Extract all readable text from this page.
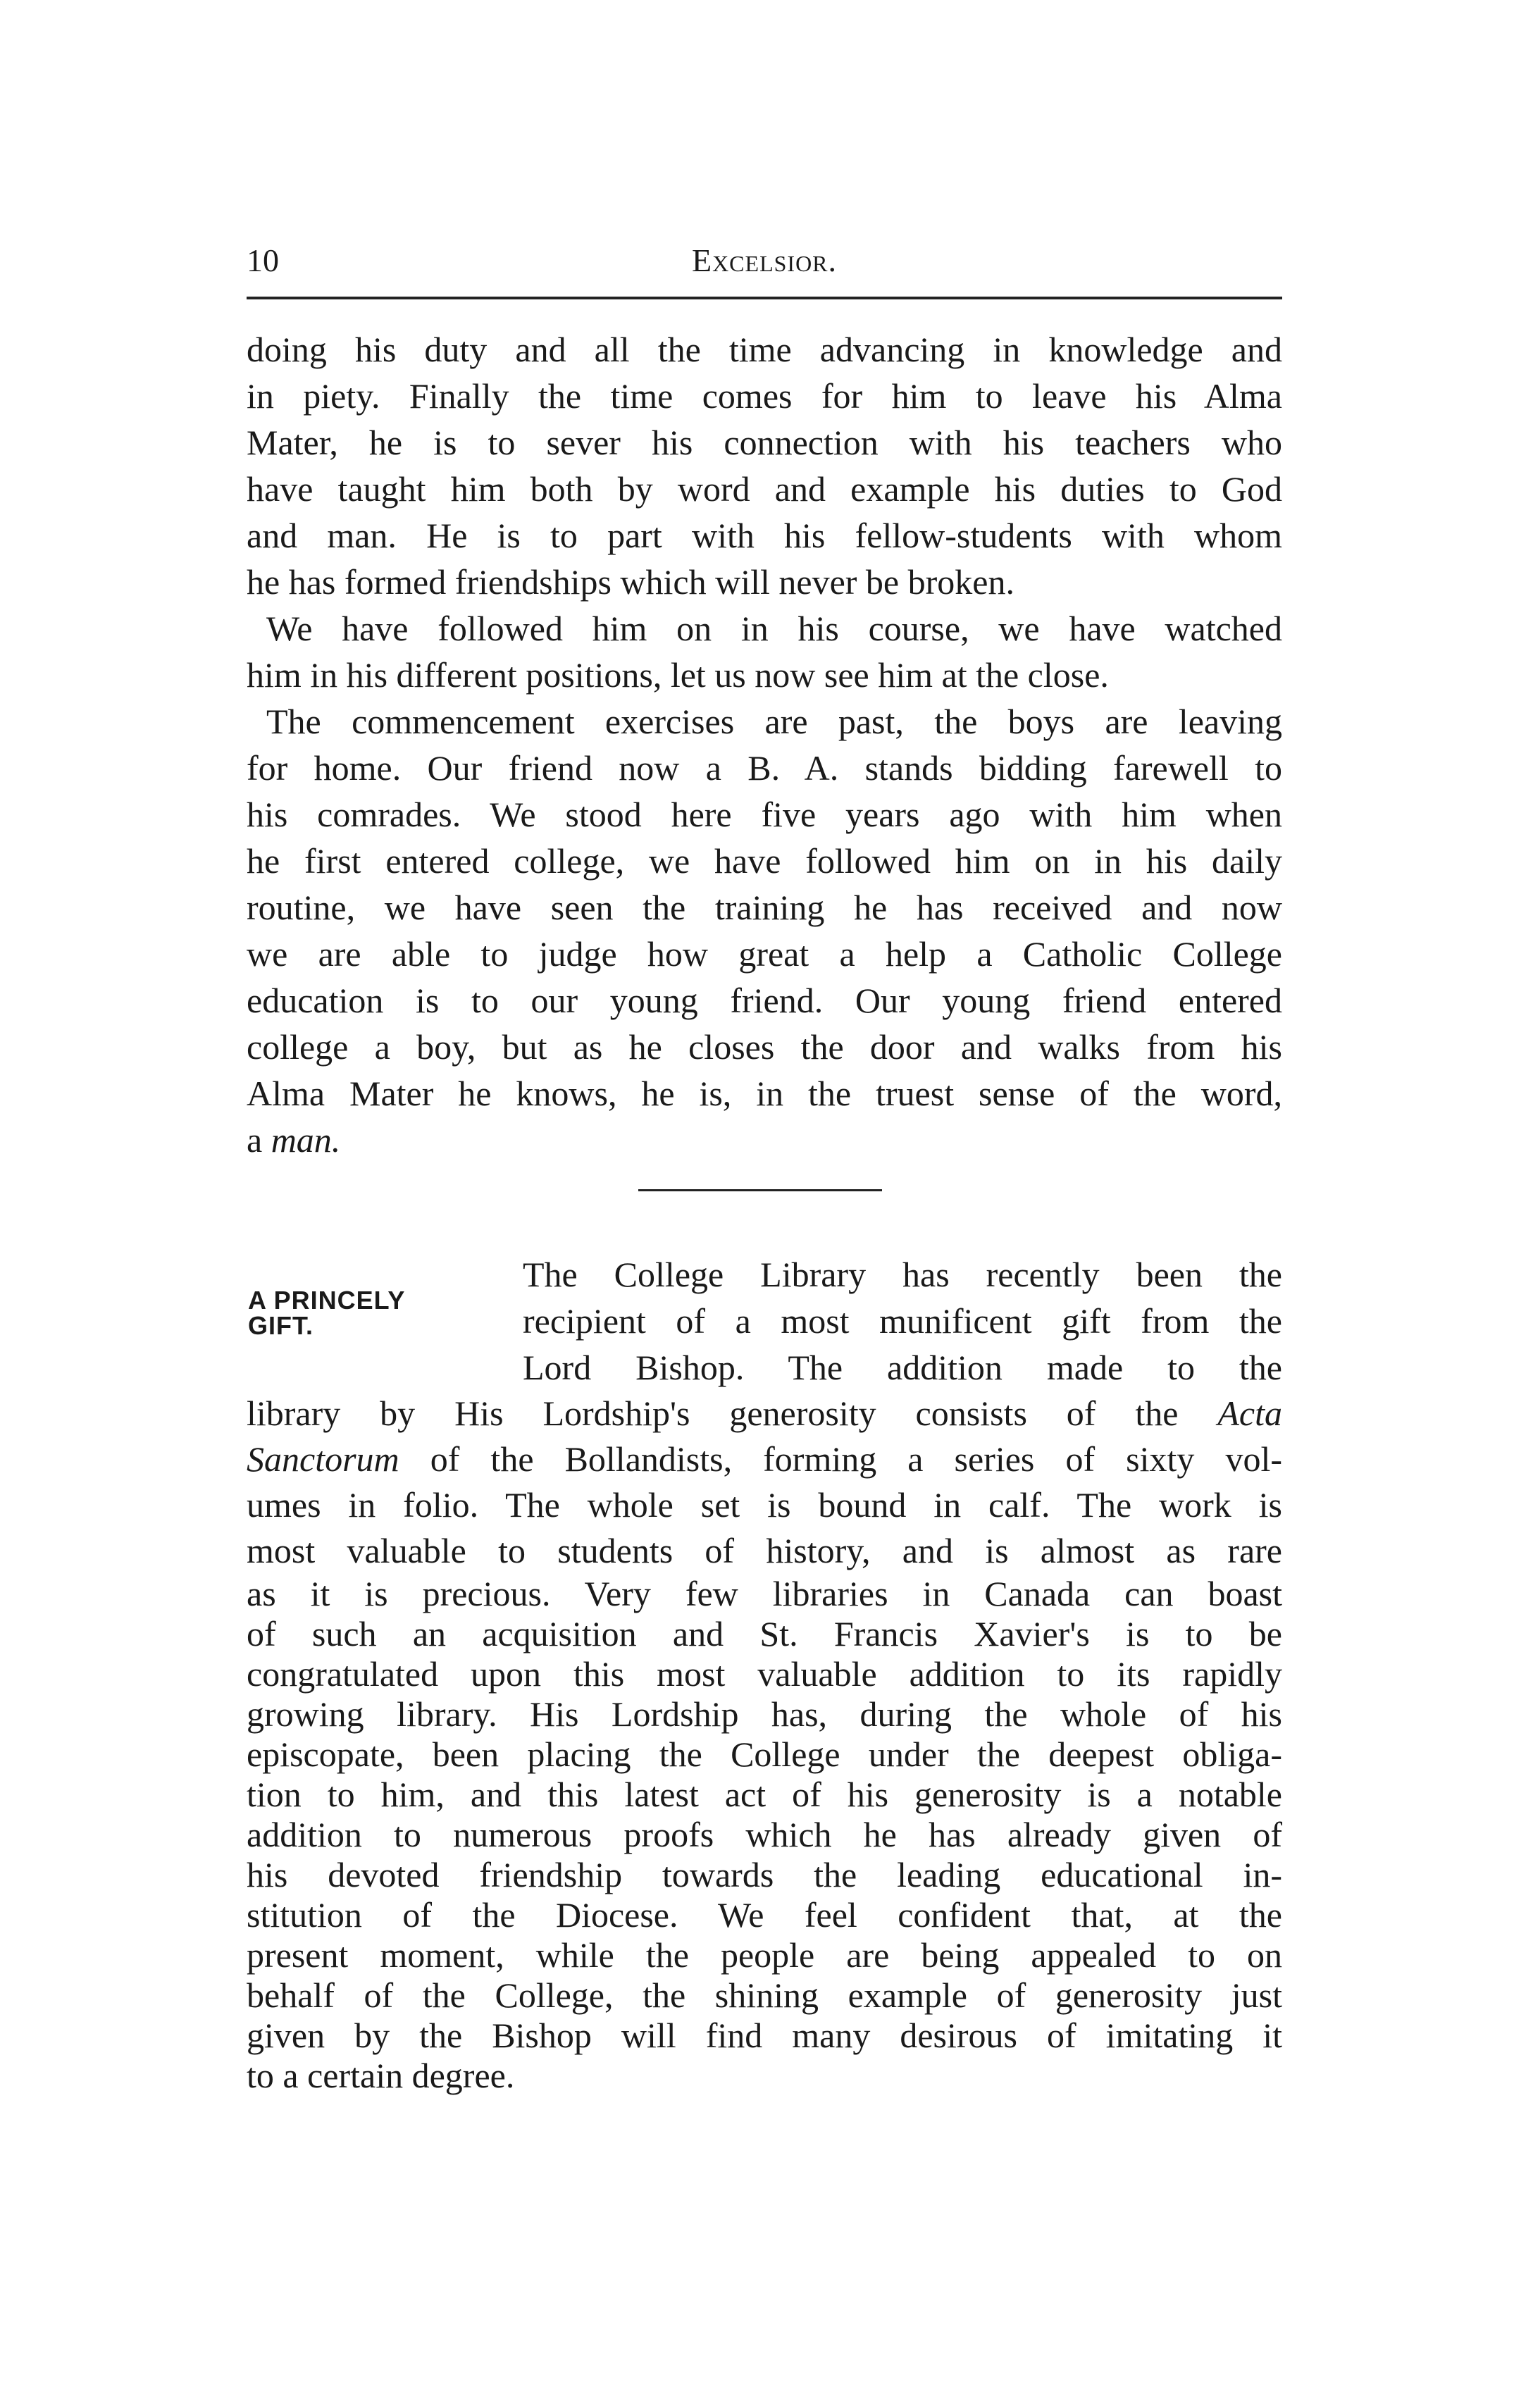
10	Excelsior.

doing his duty and all the time advancing in knowledge and
in piety. Finally the time comes for him to leave his Alma
Mater, he is to sever his connection with his teachers who
have taught him both by word and example his duties to God
and man. He is to part with his fellow-students with whom
he has formed friendships which will never be broken.

We have followed him on in his course, we have watched
him in his different positions, let us now see him at the close.

The commencement exercises are past, the boys are leaving
for home. Our friend now a B. A. stands bidding farewell to
his comrades. We stood here five years ago with him when
he first entered college, we have followed him on in his daily
routine, we have seen the training he has received and now
we are able to judge how great a help a Catholic College
education is to our young friend. Our young friend entered
college a boy, but as he closes the door and walks from his
Alma Mater he knows, he is, in the truest sense of the word,
a man.

A PRINCELY
GIFT.

The College Library has recently been the
recipient of a most munificent gift from the
Lord Bishop. The addition made to the

library by His Lordship's generosity consists of the Acta
Sanctorum of the Bollandists, forming a series of sixty vol-
umes in folio. The whole set is bound in calf. The work is
most valuable to students of history, and is almost as rare

as it is precious. Very few libraries in Canada can boast
of such an acquisition and St. Francis Xavier's is to be
congratulated upon this most valuable addition to its rapidly
growing library. His Lordship has, during the whole of his
episcopate, been placing the College under the deepest obliga-
tion to him, and this latest act of his generosity is a notable
addition to numerous proofs which he has already given of
his devoted friendship towards the leading educational in-
stitution of the Diocese. We feel confident that, at the
present moment, while the people are being appealed to on
behalf of the College, the shining example of generosity just
given by the Bishop will find many desirous of imitating it
to a certain degree.
